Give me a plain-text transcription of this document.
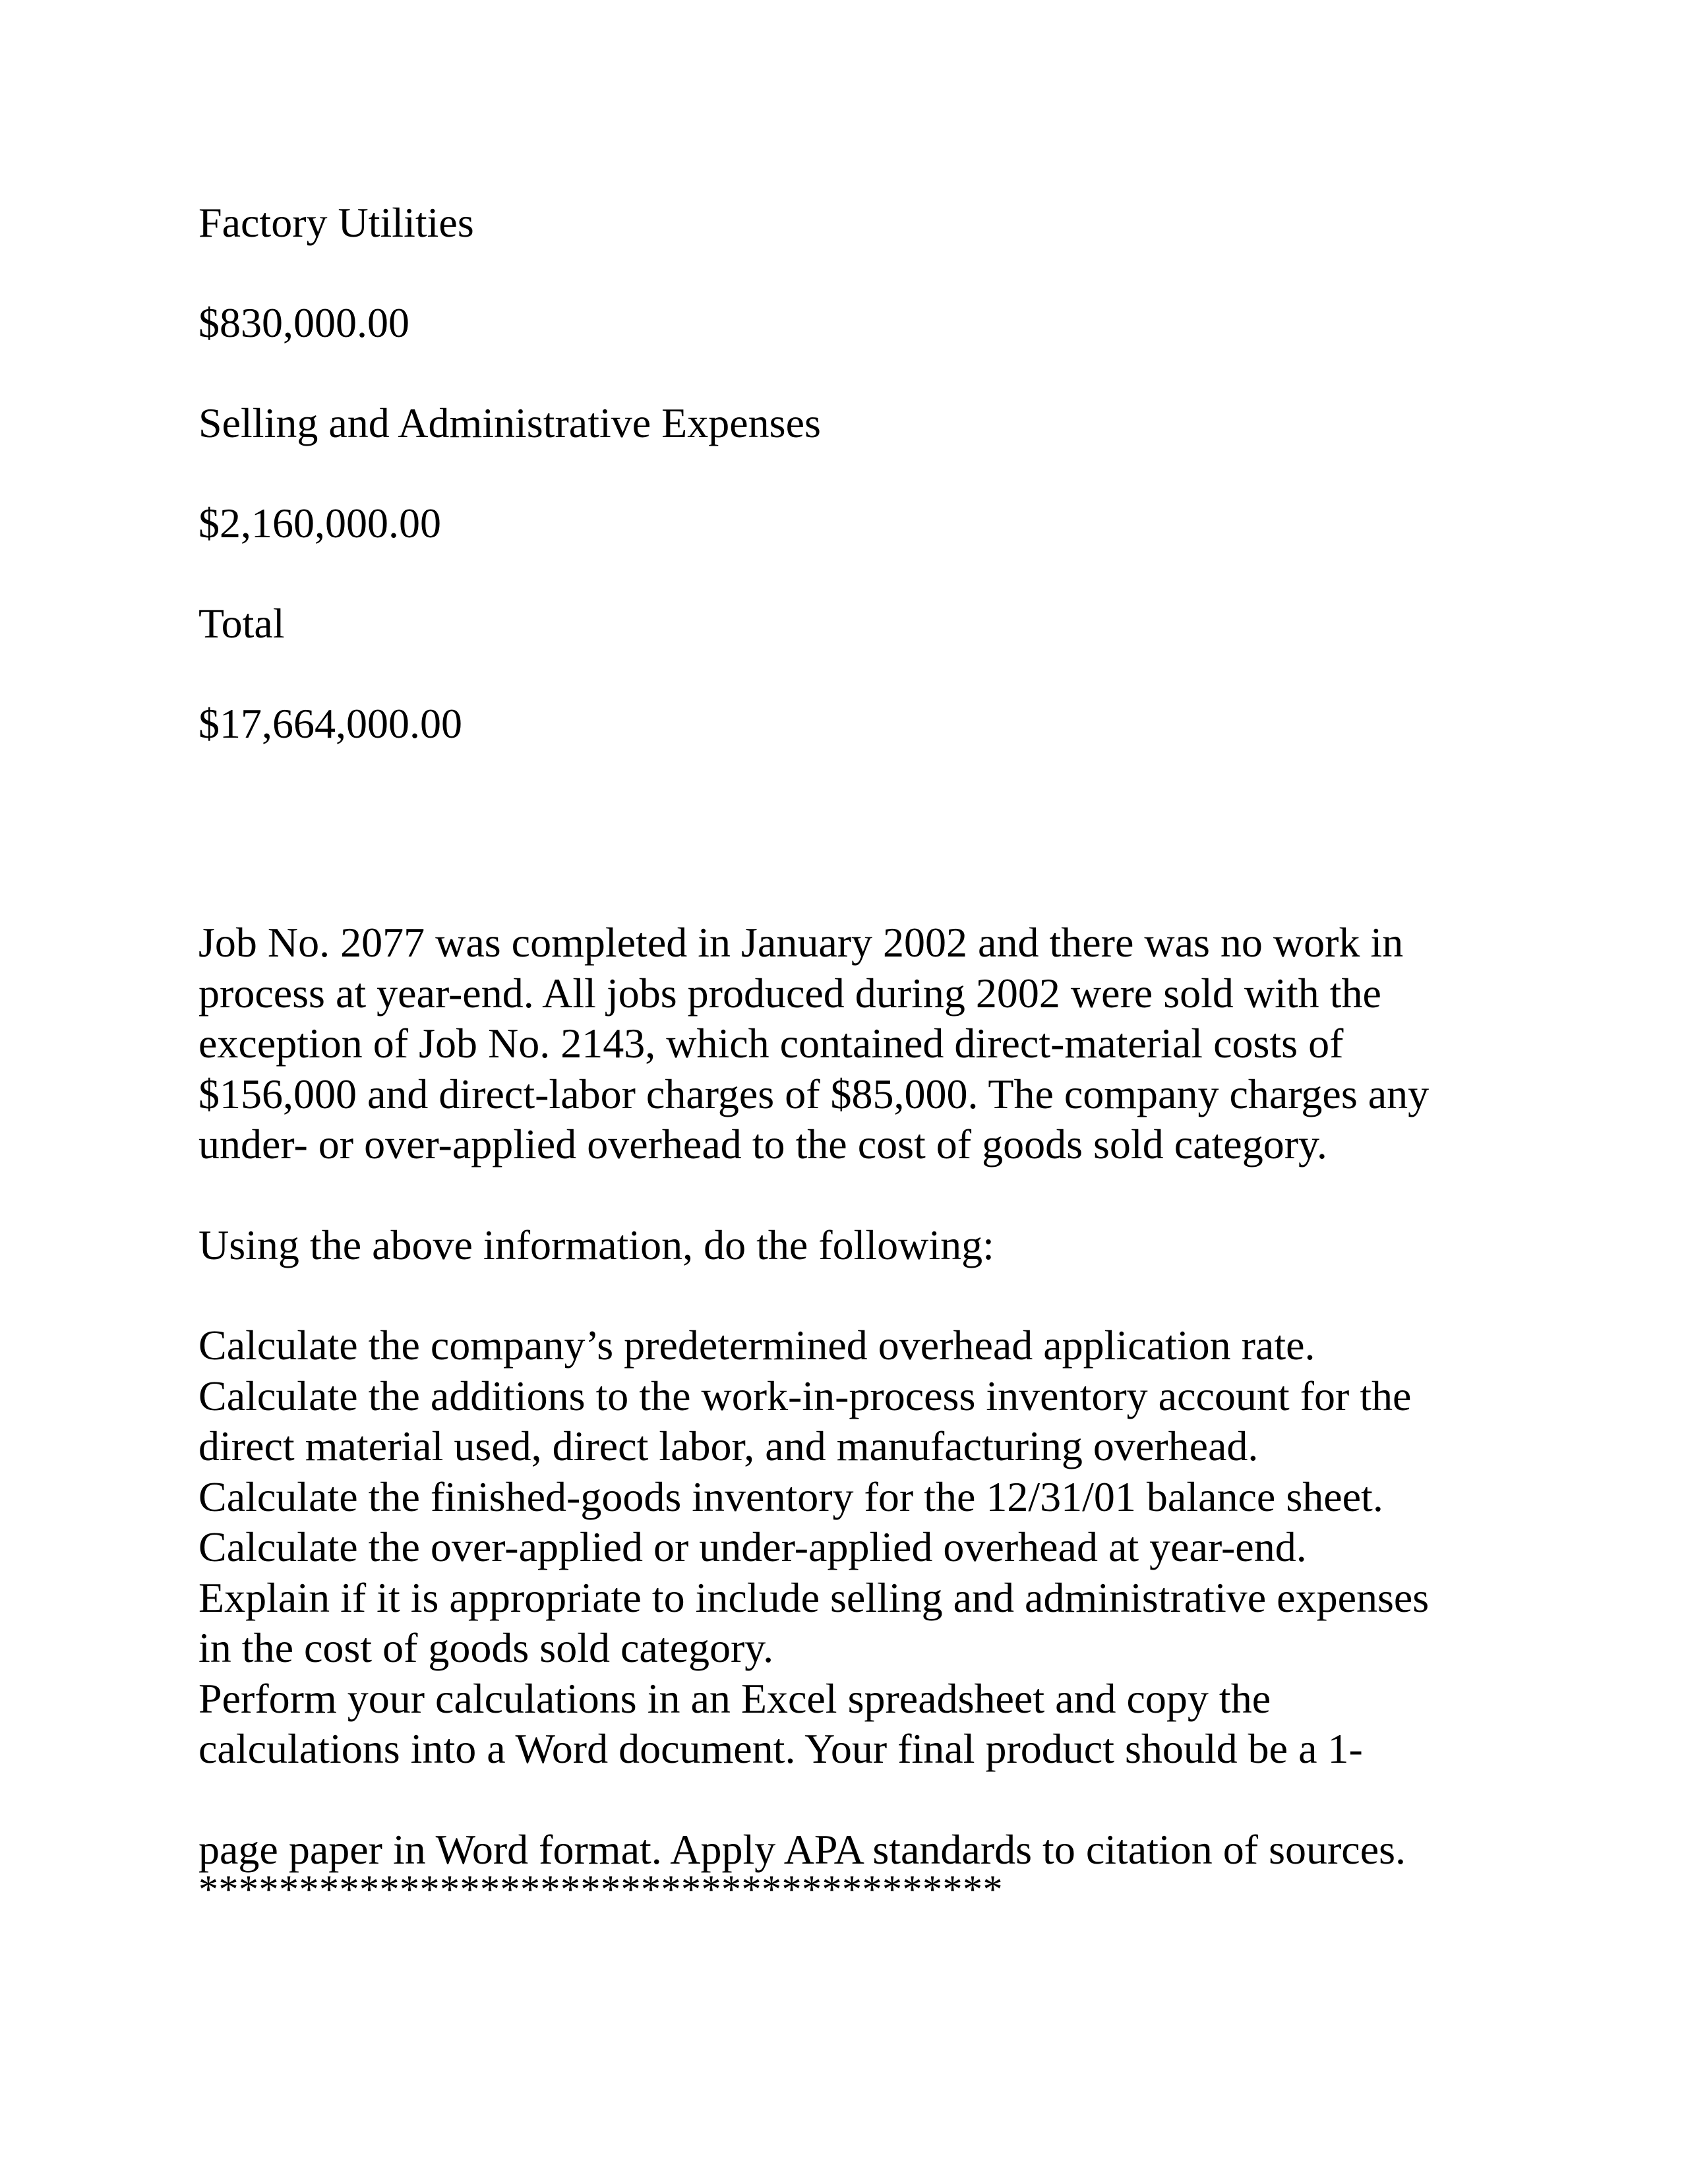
Factory Utilities

$830,000.00

Selling and Administrative Expenses

$2,160,000.00

Total

$17,664,000.00

Job No. 2077 was completed in January 2002 and there was no work in
process at year-end. All jobs produced during 2002 were sold with the
exception of Job No. 2143, which contained direct-material costs of
$156,000 and direct-labor charges of $85,000. The company charges any
under- or over-applied overhead to the cost of goods sold category.

Using the above information, do the following:

Calculate the company’s predetermined overhead application rate.
Calculate the additions to the work-in-process inventory account for the
direct material used, direct labor, and manufacturing overhead.
Calculate the finished-goods inventory for the 12/31/01 balance sheet.
Calculate the over-applied or under-applied overhead at year-end.
Explain if it is appropriate to include selling and administrative expenses
in the cost of goods sold category.
Perform your calculations in an Excel spreadsheet and copy the
calculations into a Word document. Your final product should be a 1-

page paper in Word format. Apply APA standards to citation of sources.

****************************************
